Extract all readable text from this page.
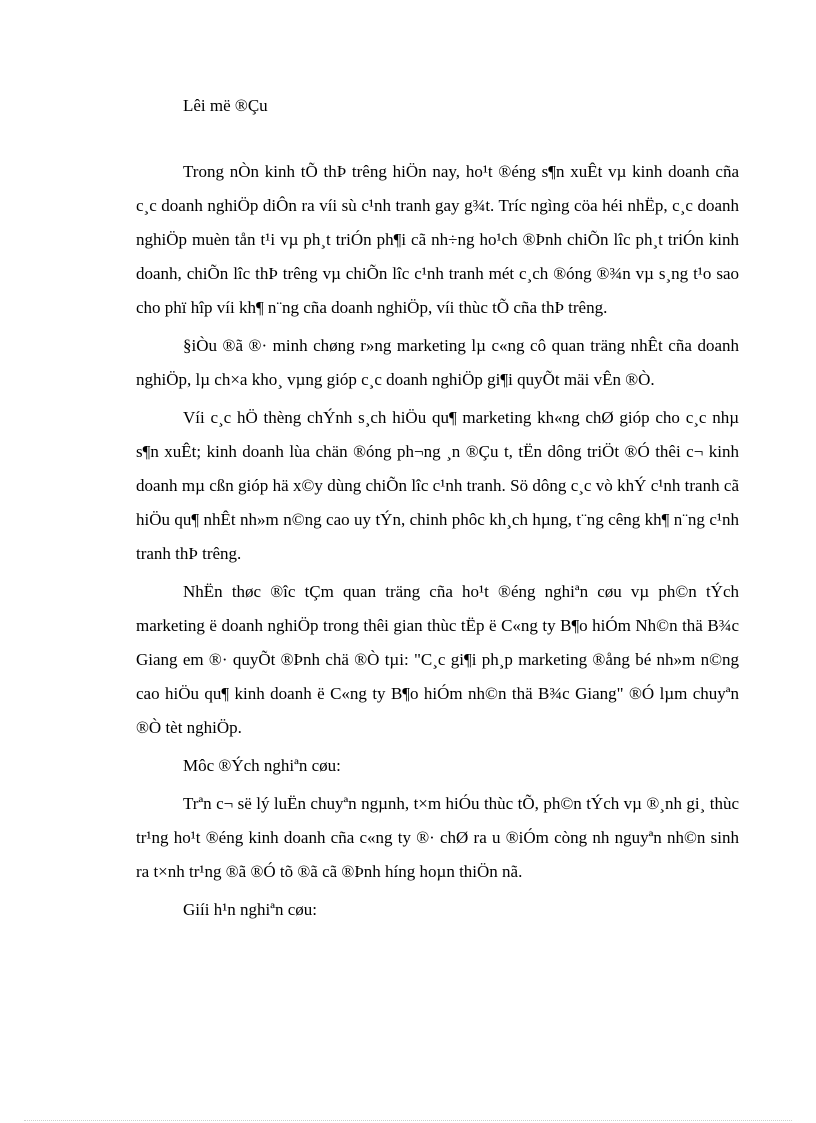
Lêi më ®Çu

Trong nÒn kinh tÕ thÞ trêng hiÖn nay, ho¹t ®éng s¶n xuÊt vµ kinh doanh cña c¸c doanh nghiÖp diÔn ra víi sù c¹nh tranh gay g¾t. Tríc ngìng cöa héi nhËp, c¸c doanh nghiÖp muèn tån t¹i vµ ph¸t triÓn ph¶i cã nh÷ng ho¹ch ®Þnh chiÕn lîc ph¸t triÓn kinh doanh, chiÕn lîc thÞ trêng vµ chiÕn lîc c¹nh tranh mét c¸ch ®óng ®¾n vµ s¸ng t¹o sao cho phï hîp víi kh¶ n¨ng cña doanh nghiÖp, víi thùc tÕ cña thÞ trêng.

§iÒu ®ã ®· minh chøng r»ng marketing lµ c«ng cô quan träng nhÊt cña doanh nghiÖp, lµ ch×a kho¸ vµng gióp c¸c doanh nghiÖp gi¶i quyÕt mäi vÊn ®Ò.

Víi c¸c hÖ thèng chÝnh s¸ch hiÖu qu¶ marketing kh«ng chØ gióp cho c¸c nhµ s¶n xuÊt; kinh doanh lùa chän ®óng ph¬ng ¸n ®Çu t, tËn dông triÖt ®Ó thêi c¬ kinh doanh mµ cßn gióp hä x©y dùng chiÕn lîc c¹nh tranh. Sö dông c¸c vò khÝ c¹nh tranh cã hiÖu qu¶ nhÊt nh»m n©ng cao uy tÝn, chinh phôc kh¸ch hµng, t¨ng cêng kh¶ n¨ng c¹nh tranh thÞ trêng.

NhËn thøc ®îc tÇm quan träng cña ho¹t ®éng nghiªn cøu vµ ph©n tÝch marketing ë doanh nghiÖp trong thêi gian thùc tËp ë C«ng ty B¶o hiÓm Nh©n thä B¾c Giang em ®· quyÕt ®Þnh chä ®Ò tµi: "C¸c gi¶i ph¸p marketing ®ång bé nh»m n©ng cao hiÖu qu¶ kinh doanh ë C«ng ty B¶o hiÓm nh©n thä B¾c Giang" ®Ó lµm chuyªn ®Ò tèt nghiÖp.

Môc ®Ých nghiªn cøu:

Trªn c¬ së lý luËn chuyªn ngµnh, t×m hiÓu thùc tÕ, ph©n tÝch vµ ®¸nh gi¸ thùc tr¹ng ho¹t ®éng kinh doanh cña c«ng ty ®· chØ ra u ®iÓm còng nh nguyªn nh©n sinh ra t×nh tr¹ng ®ã ®Ó tõ ®ã cã ®Þnh híng hoµn thiÖn nã.

Giíi h¹n nghiªn cøu:
